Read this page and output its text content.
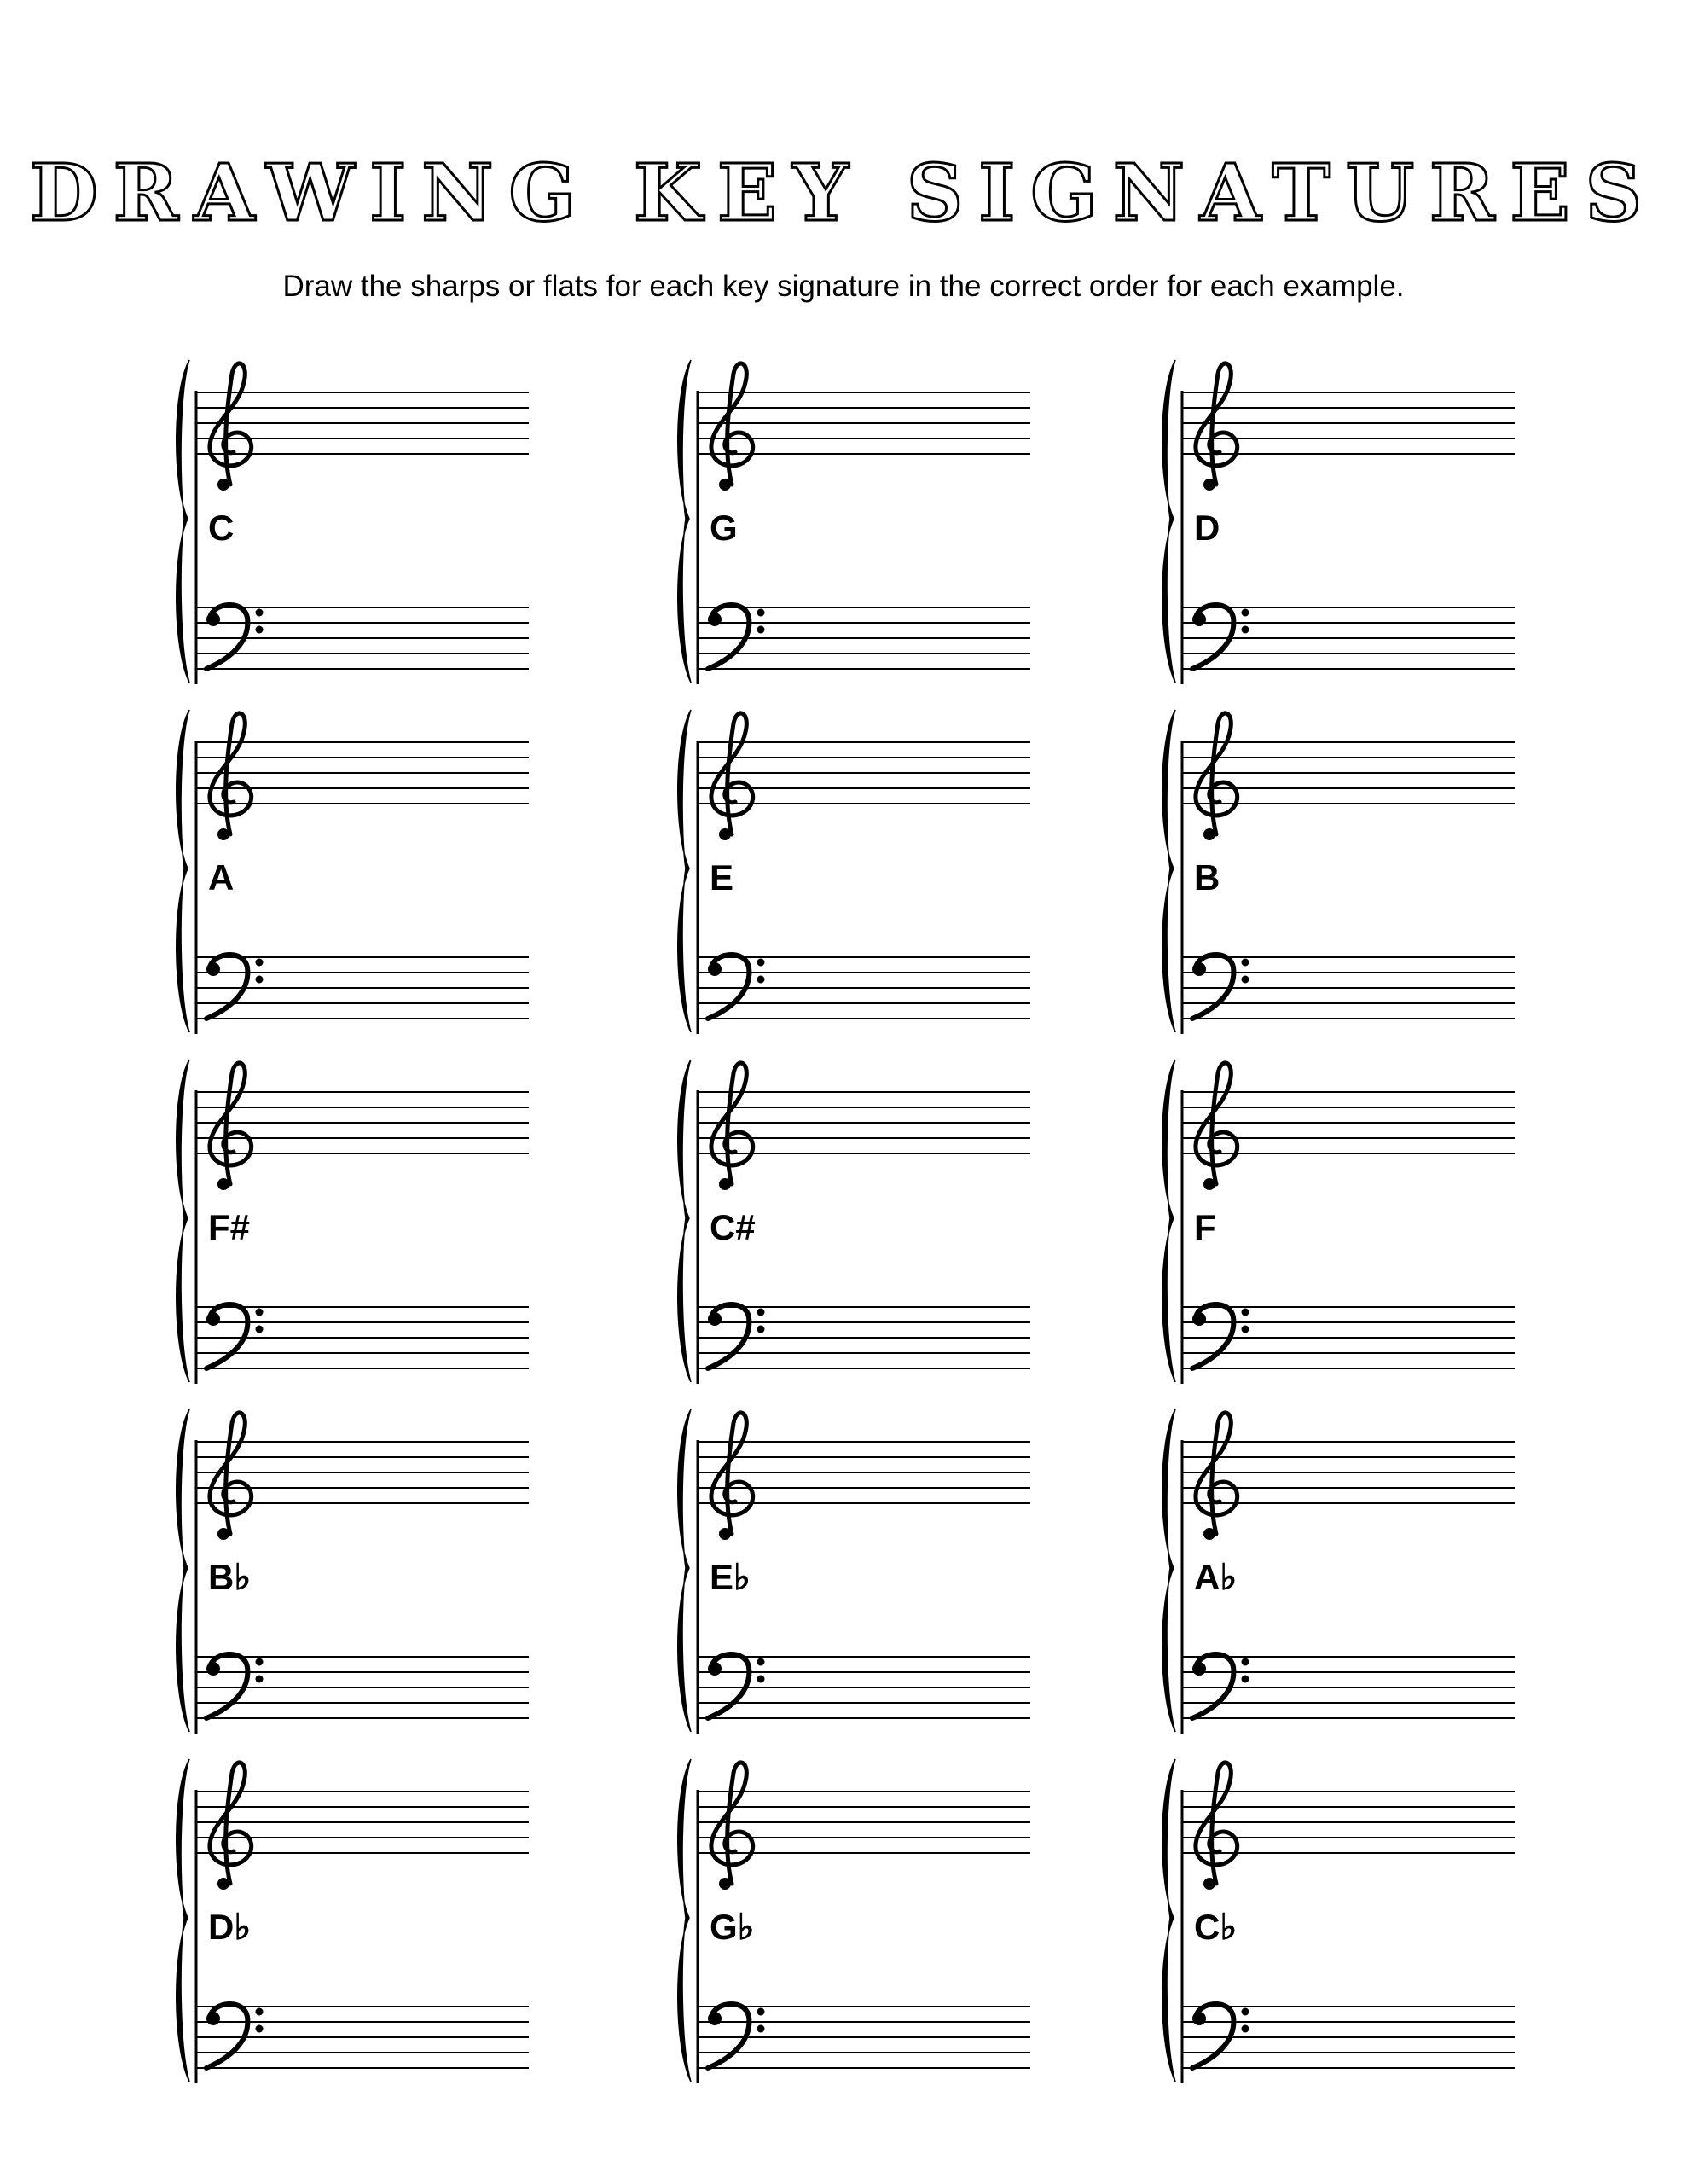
DRAWING KEY SIGNATURES
Draw the sharps or flats for each key signature in the correct order for each example.
C	G	D
A	E	B
F#	C#	F
B♭	E♭	A♭
D♭	G♭	C♭
